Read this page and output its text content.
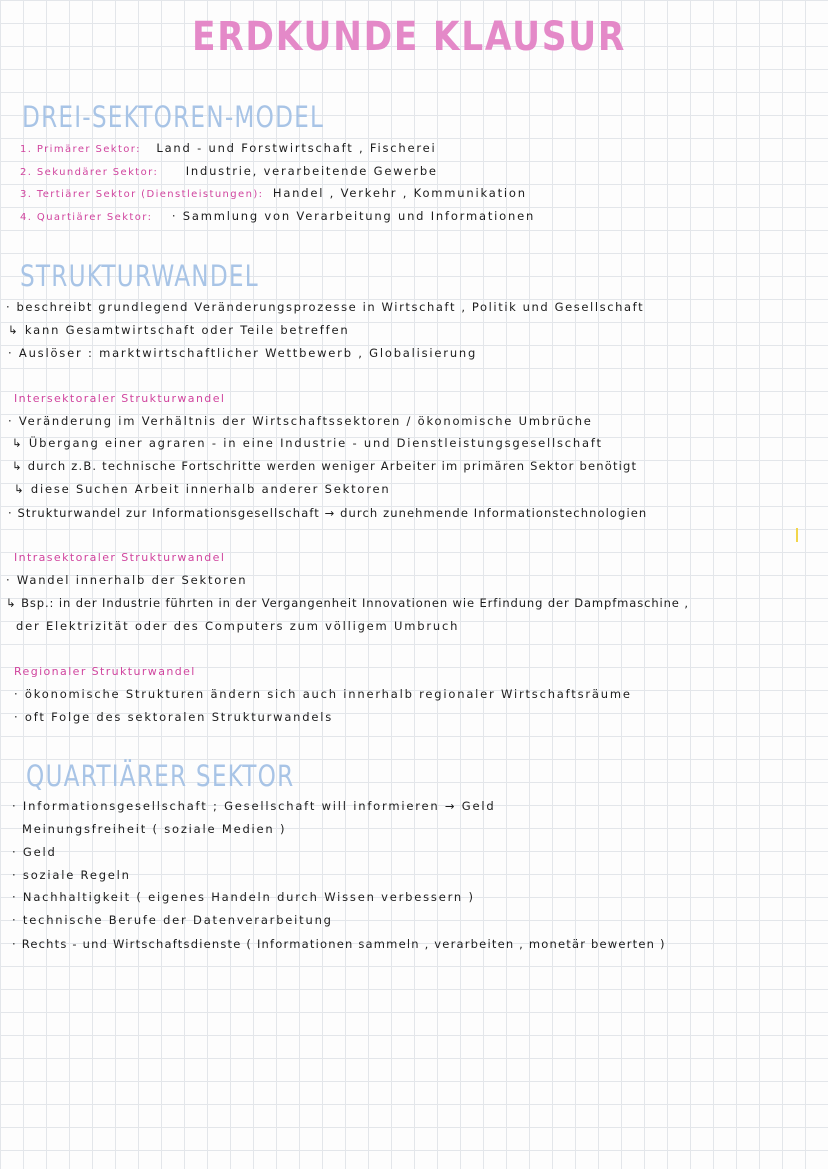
ERDKUNDE KLAUSUR
DREI-SEKTOREN-MODEL
1. Primärer Sektor: Land - und Forstwirtschaft , Fischerei
2. Sekundärer Sektor: Industrie, verarbeitende Gewerbe
3. Tertiärer Sektor (Dienstleistungen): Handel , Verkehr , Kommunikation
4. Quartiärer Sektor: · Sammlung von Verarbeitung und Informationen
STRUKTURWANDEL
· beschreibt grundlegend Veränderungsprozesse in Wirtschaft , Politik und Gesellschaft
↳ kann Gesamtwirtschaft oder Teile betreffen
· Auslöser : marktwirtschaftlicher Wettbewerb , Globalisierung
Intersektoraler Strukturwandel
· Veränderung im Verhältnis der Wirtschaftssektoren / ökonomische Umbrüche
↳ Übergang einer agraren - in eine Industrie - und Dienstleistungsgesellschaft
↳ durch z.B. technische Fortschritte werden weniger Arbeiter im primären Sektor benötigt
↳ diese Suchen Arbeit innerhalb anderer Sektoren
· Strukturwandel zur Informationsgesellschaft → durch zunehmende Informationstechnologien
Intrasektoraler Strukturwandel
· Wandel innerhalb der Sektoren
↳ Bsp.: in der Industrie führten in der Vergangenheit Innovationen wie Erfindung der Dampfmaschine ,
der Elektrizität oder des Computers zum völligem Umbruch
Regionaler Strukturwandel
· ökonomische Strukturen ändern sich auch innerhalb regionaler Wirtschaftsräume
· oft Folge des sektoralen Strukturwandels
QUARTIÄRER SEKTOR
· Informationsgesellschaft ; Gesellschaft will informieren → Geld
Meinungsfreiheit ( soziale Medien )
· Geld
· soziale Regeln
· Nachhaltigkeit ( eigenes Handeln durch Wissen verbessern )
· technische Berufe der Datenverarbeitung
· Rechts - und Wirtschaftsdienste ( Informationen sammeln , verarbeiten , monetär bewerten )
